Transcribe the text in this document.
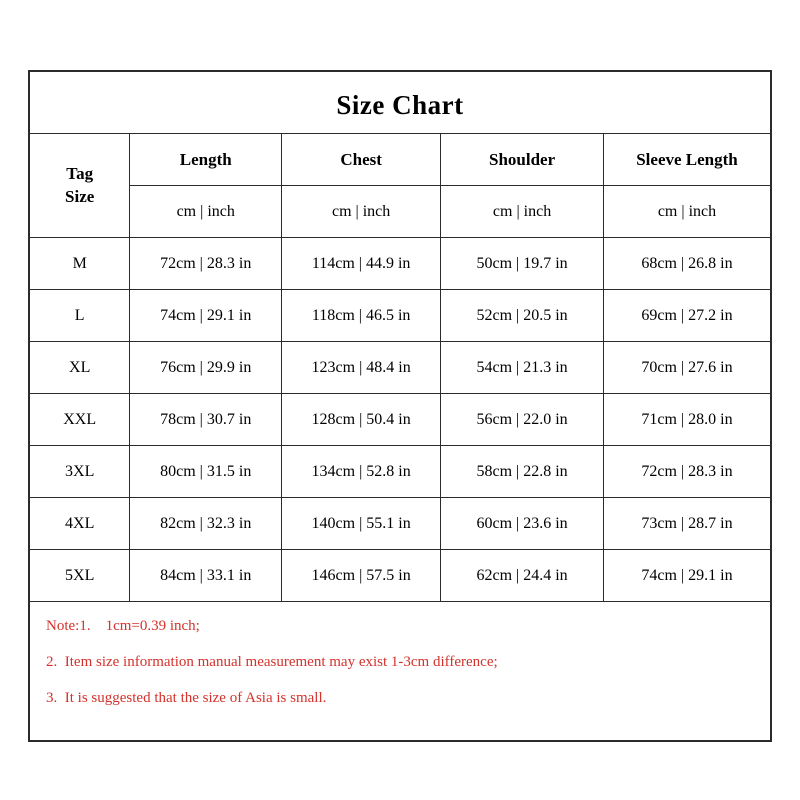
Size Chart
Tag
Size	Length	Chest	Shoulder	Sleeve Length
	cm | inch	cm | inch	cm | inch	cm | inch
M	72cm | 28.3 in	114cm | 44.9 in	50cm | 19.7 in	68cm | 26.8 in
L	74cm | 29.1 in	118cm | 46.5 in	52cm | 20.5 in	69cm | 27.2 in
XL	76cm | 29.9 in	123cm | 48.4 in	54cm | 21.3 in	70cm | 27.6 in
XXL	78cm | 30.7 in	128cm | 50.4 in	56cm | 22.0 in	71cm | 28.0 in
3XL	80cm | 31.5 in	134cm | 52.8 in	58cm | 22.8 in	72cm | 28.3 in
4XL	82cm | 32.3 in	140cm | 55.1 in	60cm | 23.6 in	73cm | 28.7 in
5XL	84cm | 33.1 in	146cm | 57.5 in	62cm | 24.4 in	74cm | 29.1 in
Note:1.    1cm=0.39 inch;
2.  Item size information manual measurement may exist 1-3cm difference;
3.  It is suggested that the size of Asia is small.
